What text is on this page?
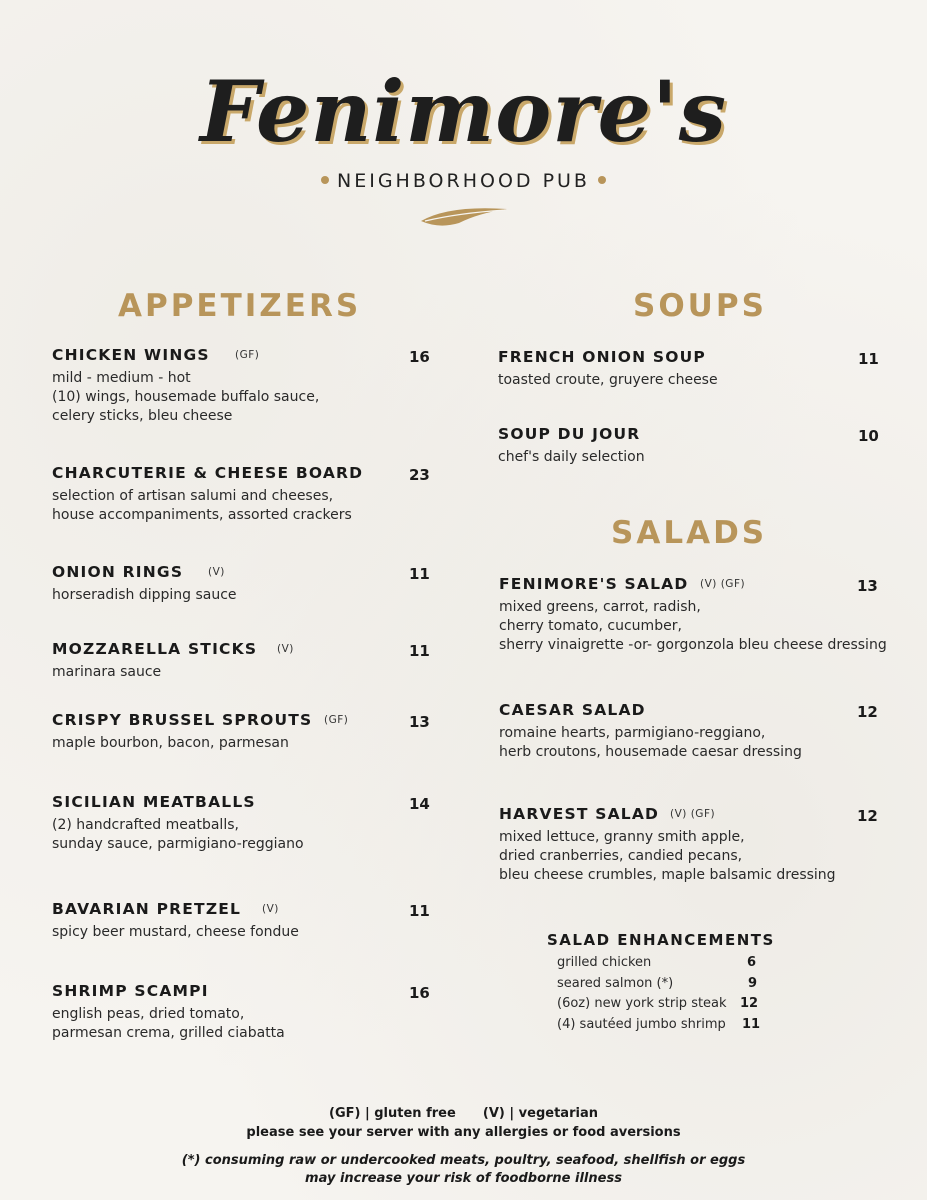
Fenimore's
NEIGHBORHOOD PUB
APPETIZERS	SOUPS
SALADS
CHICKEN WINGS	(GF)	16
mild - medium - hot
(10) wings, housemade buffalo sauce,
celery sticks, bleu cheese
CHARCUTERIE & CHEESE BOARD	23
selection of artisan salumi and cheeses,
house accompaniments, assorted crackers
ONION RINGS	(V)	11
horseradish dipping sauce
MOZZARELLA STICKS (V)	11
marinara sauce
CRISPY BRUSSEL SPROUTS (GF)	13
maple bourbon, bacon, parmesan
SICILIAN MEATBALLS	14
(2) handcrafted meatballs,
sunday sauce, parmigiano-reggiano
BAVARIAN PRETZEL	(V)	11
spicy beer mustard, cheese fondue
SHRIMP SCAMPI	16
english peas, dried tomato,
parmesan crema, grilled ciabatta
FRENCH ONION SOUP	11
toasted croute, gruyere cheese
SOUP DU JOUR	10
chef's daily selection
FENIMORE'S SALAD	(V) (GF)	13
mixed greens, carrot, radish,
cherry tomato, cucumber,
sherry vinaigrette -or- gorgonzola bleu cheese dressing
CAESAR SALAD	12
romaine hearts, parmigiano-reggiano,
herb croutons, housemade caesar dressing
HARVEST SALAD	(V) (GF)	12
mixed lettuce, granny smith apple,
dried cranberries, candied pecans,
bleu cheese crumbles, maple balsamic dressing
SALAD ENHANCEMENTS
grilled chicken	6
seared salmon (*)	9
(6oz) new york strip steak 12
(4) sautéed jumbo shrimp 11
(GF) | gluten free      (V) | vegetarian
please see your server with any allergies or food aversions
(*) consuming raw or undercooked meats, poultry, seafood, shellfish or eggs
may increase your risk of foodborne illness
